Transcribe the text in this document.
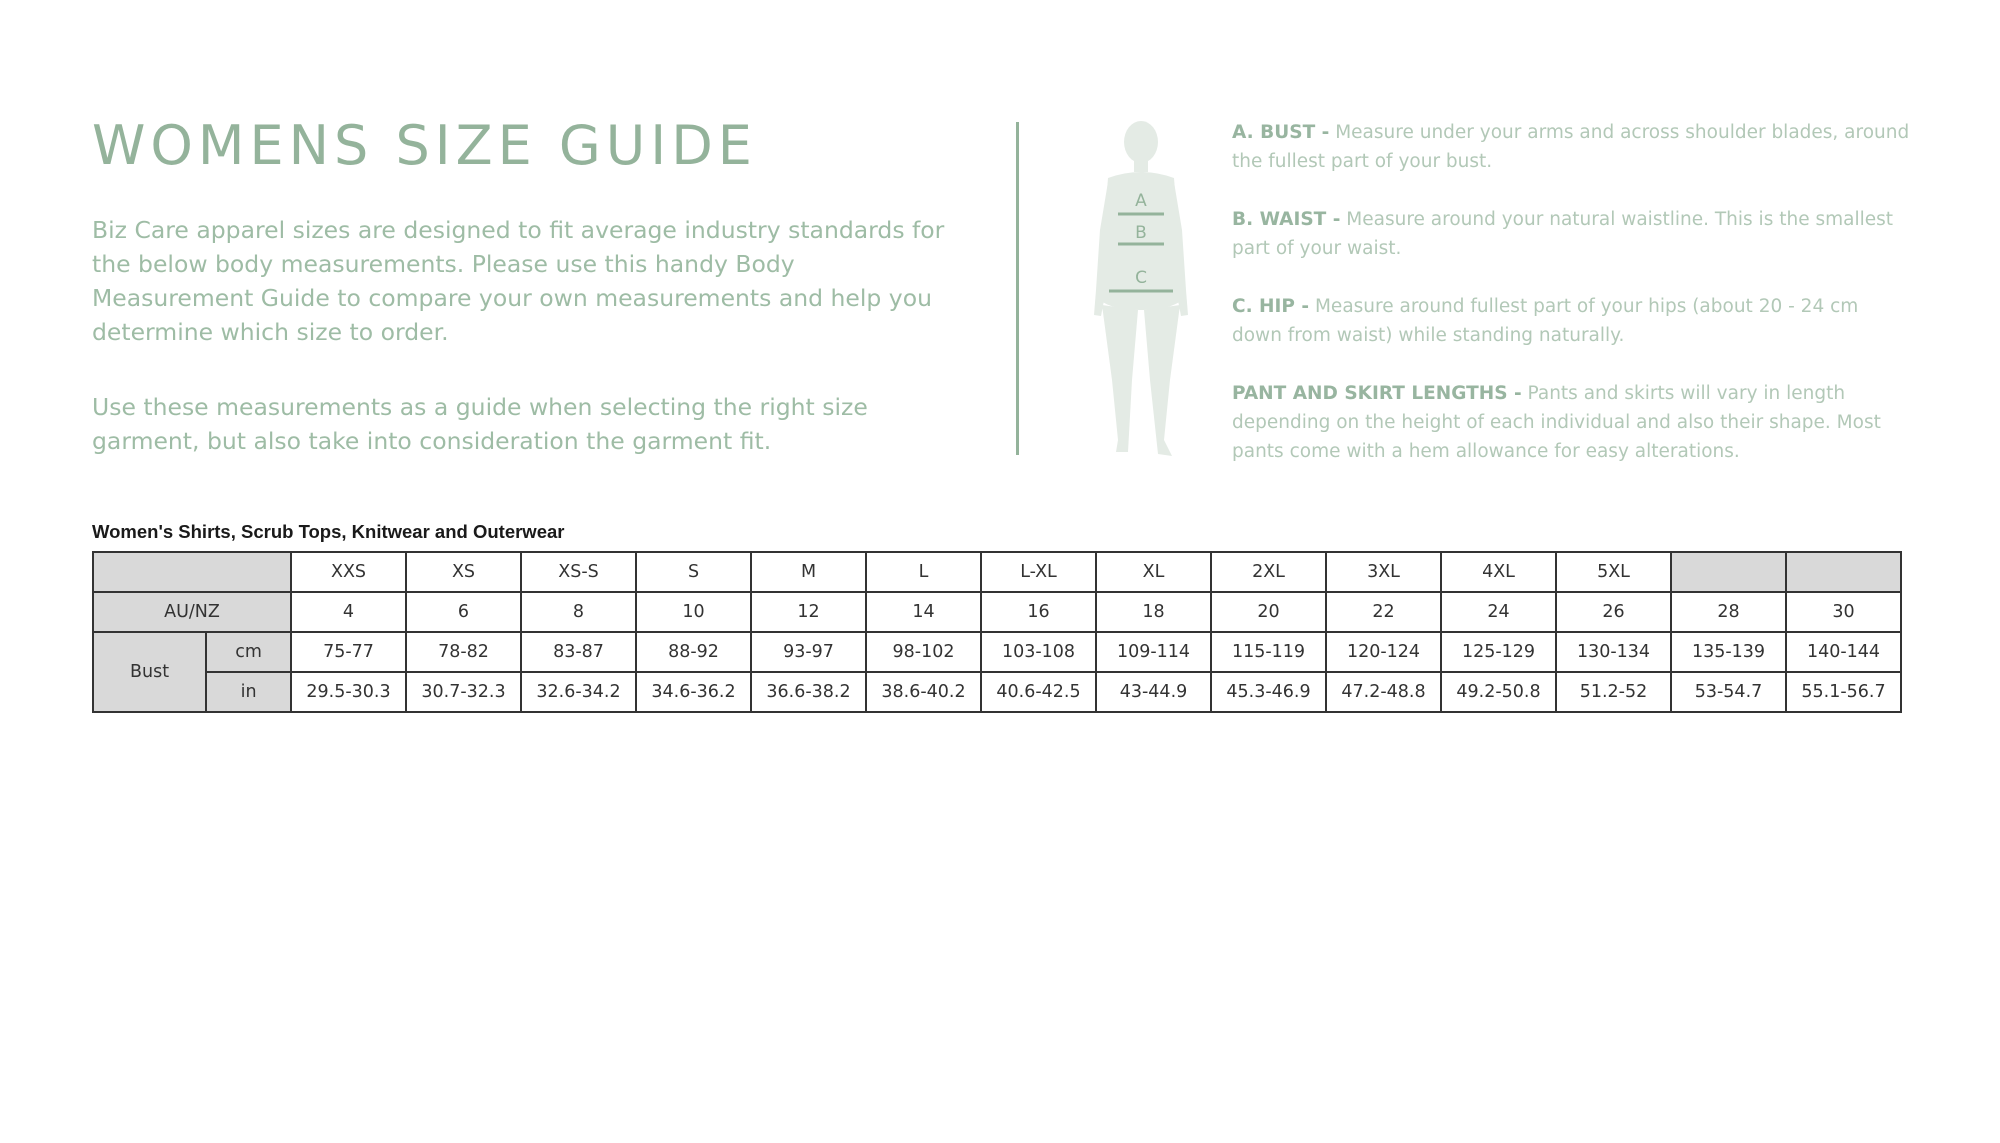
WOMENS SIZE GUIDE

Biz Care apparel sizes are designed to fit average industry standards for the below body measurements. Please use this handy Body Measurement Guide to compare your own measurements and help you determine which size to order.

Use these measurements as a guide when selecting the right size garment, but also take into consideration the garment fit.

A
B
C

A. BUST - Measure under your arms and across shoulder blades, around the fullest part of your bust.

B. WAIST - Measure around your natural waistline. This is the smallest part of your waist.

C. HIP - Measure around fullest part of your hips (about 20 - 24 cm down from waist) while standing naturally.

PANT AND SKIRT LENGTHS - Pants and skirts will vary in length depending on the height of each individual and also their shape. Most pants come with a hem allowance for easy alterations.

Women's Shirts, Scrub Tops, Knitwear and Outerwear

		XXS	XS	XS-S	S	M	L	L-XL	XL	2XL	3XL	4XL	5XL		
AU/NZ		4	6	8	10	12	14	16	18	20	22	24	26	28	30
Bust	cm	75-77	78-82	83-87	88-92	93-97	98-102	103-108	109-114	115-119	120-124	125-129	130-134	135-139	140-144
	in	29.5-30.3	30.7-32.3	32.6-34.2	34.6-36.2	36.6-38.2	38.6-40.2	40.6-42.5	43-44.9	45.3-46.9	47.2-48.8	49.2-50.8	51.2-52	53-54.7	55.1-56.7
